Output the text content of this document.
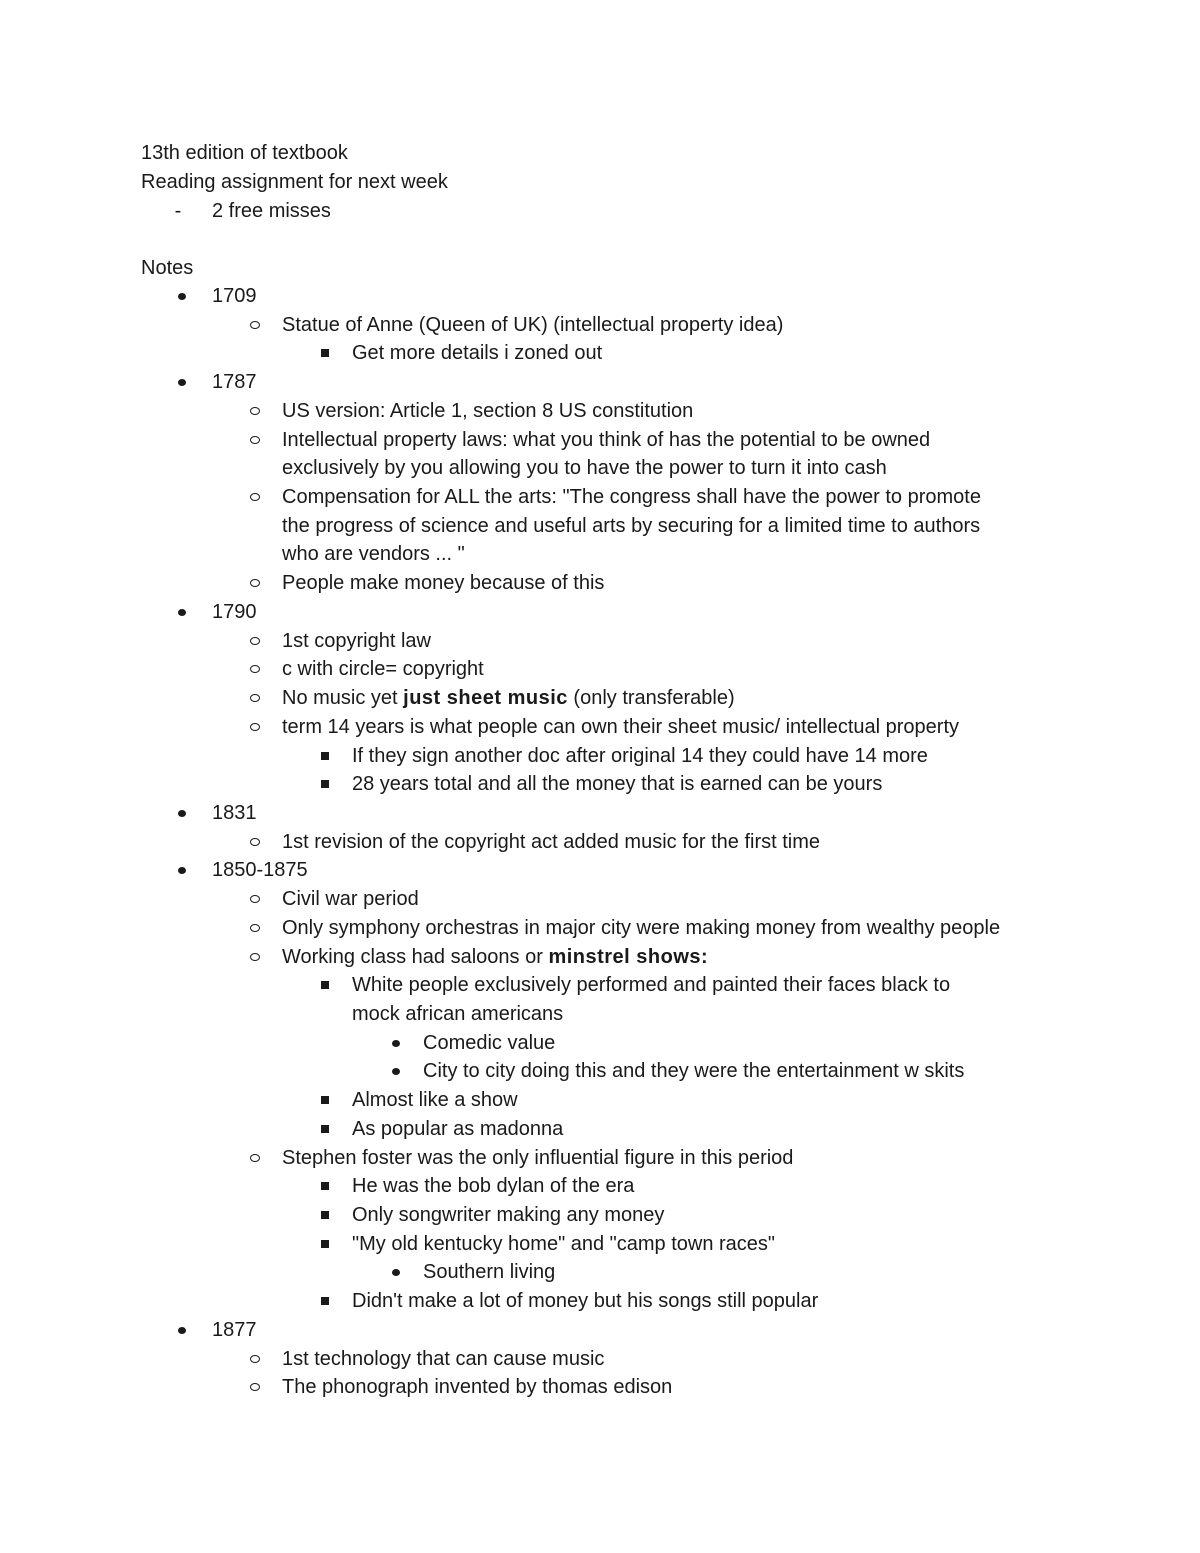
13th edition of textbook
Reading assignment for next week
-	2 free misses
Notes
1709
Statue of Anne (Queen of UK) (intellectual property idea)
Get more details i zoned out
1787
US version: Article 1, section 8 US constitution
Intellectual property laws: what you think of has the potential to be owned
exclusively by you allowing you to have the power to turn it into cash
Compensation for ALL the arts: "The congress shall have the power to promote
the progress of science and useful arts by securing for a limited time to authors
who are vendors ... "
People make money because of this
1790
1st copyright law
c with circle= copyright
No music yet just sheet music (only transferable)
term 14 years is what people can own their sheet music/ intellectual property
If they sign another doc after original 14 they could have 14 more
28 years total and all the money that is earned can be yours
1831
1st revision of the copyright act added music for the first time
1850-1875
Civil war period
Only symphony orchestras in major city were making money from wealthy people
Working class had saloons or minstrel shows:
White people exclusively performed and painted their faces black to
mock african americans
Comedic value
City to city doing this and they were the entertainment w skits
Almost like a show
As popular as madonna
Stephen foster was the only influential figure in this period
He was the bob dylan of the era
Only songwriter making any money
"My old kentucky home" and "camp town races"
Southern living
Didn't make a lot of money but his songs still popular
1877
1st technology that can cause music
The phonograph invented by thomas edison
